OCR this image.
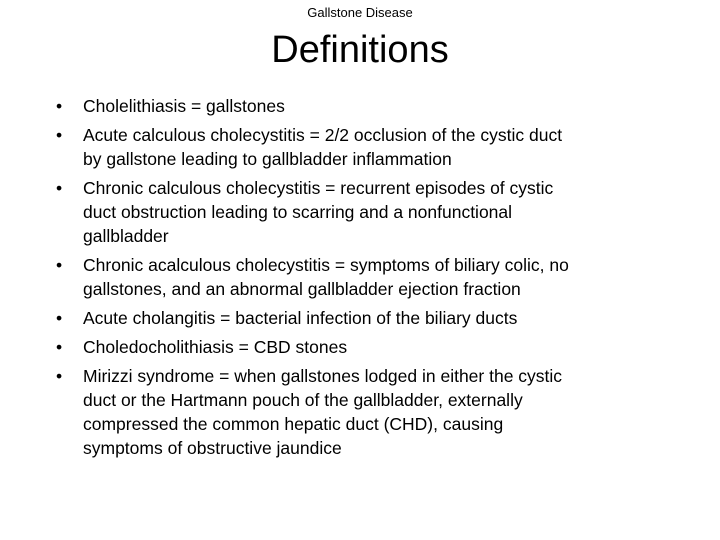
Gallstone Disease
Definitions
• Cholelithiasis = gallstones
• Acute calculous cholecystitis = 2/2 occlusion of the cystic duct
by gallstone leading to gallbladder inflammation
• Chronic calculous cholecystitis = recurrent episodes of cystic
duct obstruction leading to scarring and a nonfunctional
gallbladder
• Chronic acalculous cholecystitis = symptoms of biliary colic, no
gallstones, and an abnormal gallbladder ejection fraction
• Acute cholangitis = bacterial infection of the biliary ducts
• Choledocholithiasis = CBD stones
• Mirizzi syndrome = when gallstones lodged in either the cystic
duct or the Hartmann pouch of the gallbladder, externally
compressed the common hepatic duct (CHD), causing
symptoms of obstructive jaundice
